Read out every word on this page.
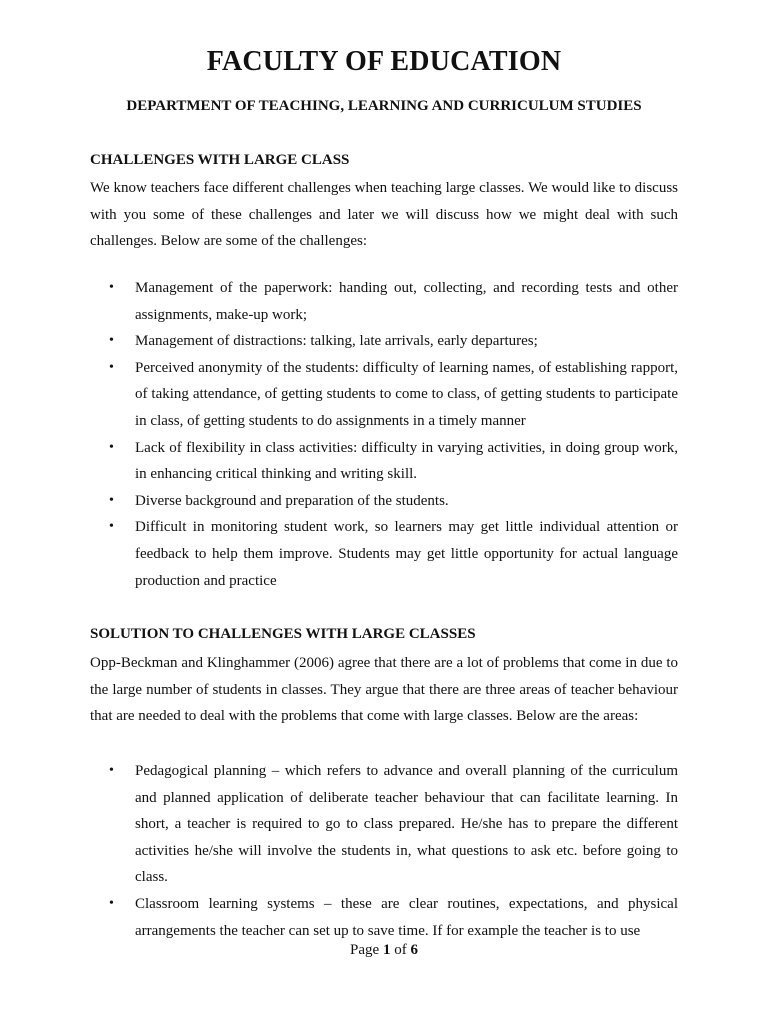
FACULTY OF EDUCATION
DEPARTMENT OF TEACHING, LEARNING AND CURRICULUM STUDIES
CHALLENGES WITH LARGE CLASS

We know teachers face different challenges when teaching large classes. We would like to discuss with you some of these challenges and later we will discuss how we might deal with such challenges. Below are some of the challenges:

• Management of the paperwork: handing out, collecting, and recording tests and other assignments, make-up work;
• Management of distractions: talking, late arrivals, early departures;
• Perceived anonymity of the students: difficulty of learning names, of establishing rapport, of taking attendance, of getting students to come to class, of getting students to participate in class, of getting students to do assignments in a timely manner
• Lack of flexibility in class activities: difficulty in varying activities, in doing group work, in enhancing critical thinking and writing skill.
• Diverse background and preparation of the students.
• Difficult in monitoring student work, so learners may get little individual attention or feedback to help them improve. Students may get little opportunity for actual language production and practice
SOLUTION TO CHALLENGES WITH LARGE CLASSES

Opp-Beckman and Klinghammer (2006) agree that there are a lot of problems that come in due to the large number of students in classes. They argue that there are three areas of teacher behaviour that are needed to deal with the problems that come with large classes. Below are the areas:

• Pedagogical planning – which refers to advance and overall planning of the curriculum and planned application of deliberate teacher behaviour that can facilitate learning. In short, a teacher is required to go to class prepared. He/she has to prepare the different activities he/she will involve the students in, what questions to ask etc. before going to class.
• Classroom learning systems – these are clear routines, expectations, and physical arrangements the teacher can set up to save time. If for example the teacher is to use
Page 1 of 6
